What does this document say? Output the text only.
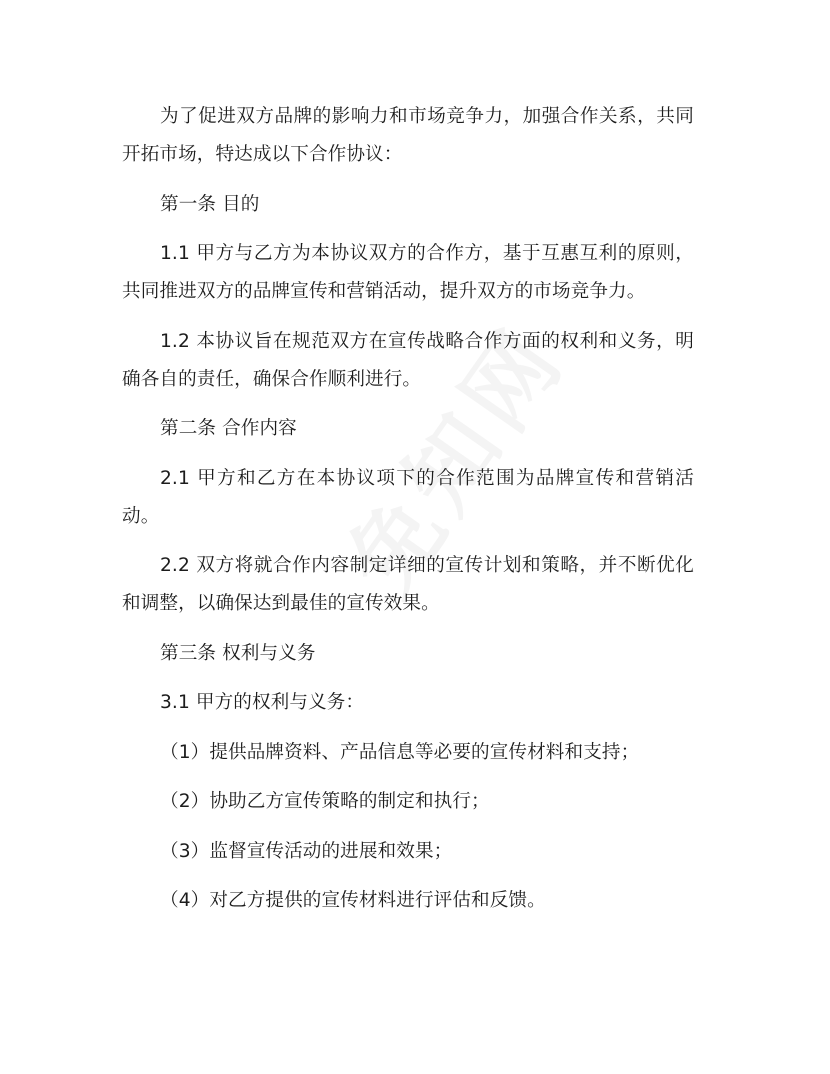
为了促进双方品牌的影响力和市场竞争力，加强合作关系，共同开拓市场，特达成以下合作协议：

第一条 目的

1.1 甲方与乙方为本协议双方的合作方，基于互惠互利的原则，共同推进双方的品牌宣传和营销活动，提升双方的市场竞争力。

1.2 本协议旨在规范双方在宣传战略合作方面的权利和义务，明确各自的责任，确保合作顺利进行。

第二条 合作内容

2.1 甲方和乙方在本协议项下的合作范围为品牌宣传和营销活动。

2.2 双方将就合作内容制定详细的宣传计划和策略，并不断优化和调整，以确保达到最佳的宣传效果。

第三条 权利与义务

3.1 甲方的权利与义务：

（1）提供品牌资料、产品信息等必要的宣传材料和支持；

（2）协助乙方宣传策略的制定和执行；

（3）监督宣传活动的进展和效果；

（4）对乙方提供的宣传材料进行评估和反馈。
